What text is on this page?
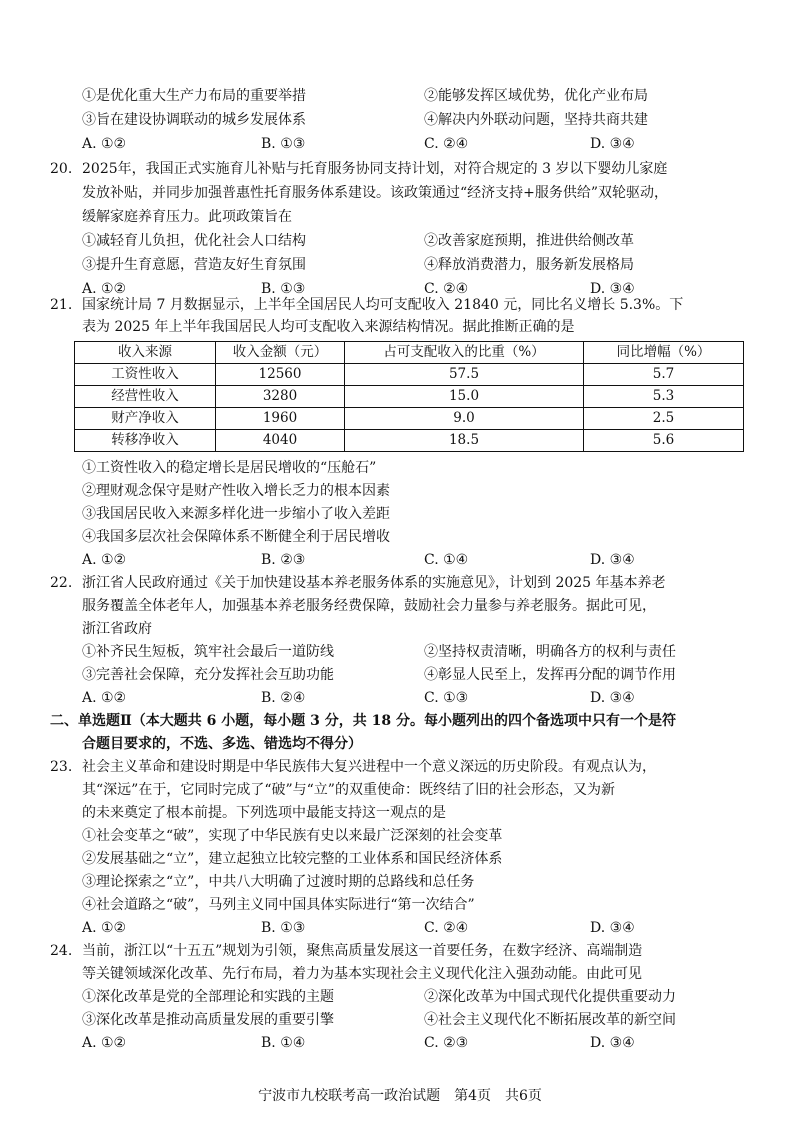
①是优化重大生产力布局的重要举措	②能够发挥区域优势，优化产业布局
③旨在建设协调联动的城乡发展体系	④解决内外联动问题，坚持共商共建
A. ①②	B. ①③	C. ②④	D. ③④
20. 2025年，我国正式实施育儿补贴与托育服务协同支持计划，对符合规定的 3 岁以下婴幼儿家庭
发放补贴，并同步加强普惠性托育服务体系建设。该政策通过“经济支持+服务供给”双轮驱动，
缓解家庭养育压力。此项政策旨在
①减轻育儿负担，优化社会人口结构	②改善家庭预期，推进供给侧改革
③提升生育意愿，营造友好生育氛围	④释放消费潜力，服务新发展格局
A. ①②	B. ①③	C. ②④	D. ③④
21. 国家统计局 7 月数据显示，上半年全国居民人均可支配收入 21840 元，同比名义增长 5.3%。下
表为 2025 年上半年我国居民人均可支配收入来源结构情况。据此推断正确的是
收入来源	收入金额（元）	占可支配收入的比重（%）	同比增幅（%）
工资性收入	12560	57.5	5.7
经营性收入	3280	15.0	5.3
财产净收入	1960	9.0	2.5
转移净收入	4040	18.5	5.6
①工资性收入的稳定增长是居民增收的“压舱石”
②理财观念保守是财产性收入增长乏力的根本因素
③我国居民收入来源多样化进一步缩小了收入差距
④我国多层次社会保障体系不断健全利于居民增收
A. ①②	B. ②③	C. ①④	D. ③④
22. 浙江省人民政府通过《关于加快建设基本养老服务体系的实施意见》，计划到 2025 年基本养老
服务覆盖全体老年人，加强基本养老服务经费保障，鼓励社会力量参与养老服务。据此可见，
浙江省政府
①补齐民生短板，筑牢社会最后一道防线	②坚持权责清晰，明确各方的权利与责任
③完善社会保障，充分发挥社会互助功能	④彰显人民至上，发挥再分配的调节作用
A. ①②	B. ②④	C. ①③	D. ③④
二、单选题Ⅱ（本大题共 6 小题，每小题 3 分，共 18 分。每小题列出的四个备选项中只有一个是符
合题目要求的，不选、多选、错选均不得分）
23. 社会主义革命和建设时期是中华民族伟大复兴进程中一个意义深远的历史阶段。有观点认为，
其“深远”在于，它同时完成了“破”与“立”的双重使命：既终结了旧的社会形态，又为新
的未来奠定了根本前提。下列选项中最能支持这一观点的是
①社会变革之“破”，实现了中华民族有史以来最广泛深刻的社会变革
②发展基础之“立”，建立起独立比较完整的工业体系和国民经济体系
③理论探索之“立”，中共八大明确了过渡时期的总路线和总任务
④社会道路之“破”，马列主义同中国具体实际进行“第一次结合”
A. ①②	B. ①③	C. ②④	D. ③④
24. 当前，浙江以“十五五”规划为引领，聚焦高质量发展这一首要任务，在数字经济、高端制造
等关键领域深化改革、先行布局，着力为基本实现社会主义现代化注入强劲动能。由此可见
①深化改革是党的全部理论和实践的主题	②深化改革为中国式现代化提供重要动力
③深化改革是推动高质量发展的重要引擎	④社会主义现代化不断拓展改革的新空间
A. ①②	B. ①④	C. ②③	D. ③④
宁波市九校联考高一政治试题　第4页　共6页
